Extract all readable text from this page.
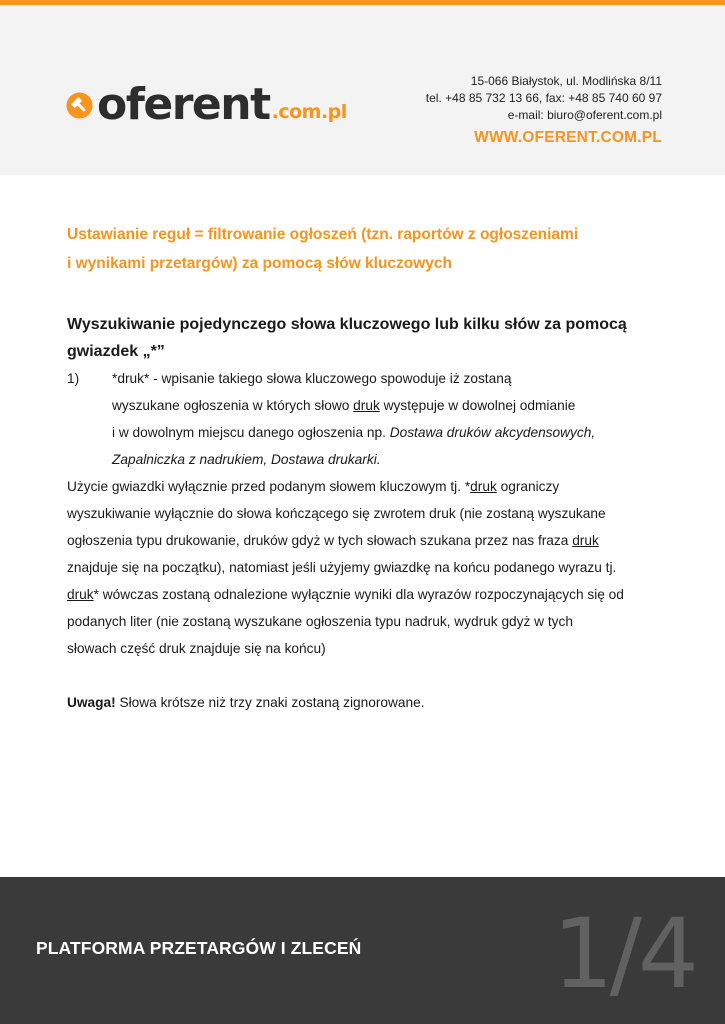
oferent .com.pl
15-066 Białystok, ul. Modlińska 8/11
tel. +48 85 732 13 66, fax: +48 85 740 60 97
e-mail: biuro@oferent.com.pl
WWW.OFERENT.COM.PL
Ustawianie reguł = filtrowanie ogłoszeń (tzn. raportów z ogłoszeniami
i wynikami przetargów) za pomocą słów kluczowych
Wyszukiwanie pojedynczego słowa kluczowego lub kilku słów za pomocą
gwiazdek „*”
1)	*druk* - wpisanie takiego słowa kluczowego spowoduje iż zostaną
wyszukane ogłoszenia w których słowo druk występuje w dowolnej odmianie
i w dowolnym miejscu danego ogłoszenia np. Dostawa druków akcydensowych,
Zapalniczka z nadrukiem, Dostawa drukarki.

Użycie gwiazdki wyłącznie przed podanym słowem kluczowym tj. *druk ograniczy
wyszukiwanie wyłącznie do słowa kończącego się zwrotem druk (nie zostaną wyszukane
ogłoszenia typu drukowanie, druków gdyż w tych słowach szukana przez nas fraza druk
znajduje się na początku), natomiast jeśli użyjemy gwiazdkę na końcu podanego wyrazu tj.
druk* wówczas zostaną odnalezione wyłącznie wyniki dla wyrazów rozpoczynających się od
podanych liter (nie zostaną wyszukane ogłoszenia typu nadruk, wydruk gdyż w tych
słowach część druk znajduje się na końcu)

Uwaga! Słowa krótsze niż trzy znaki zostaną zignorowane.

PLATFORMA PRZETARGÓW I ZLECEŃ 1/4
